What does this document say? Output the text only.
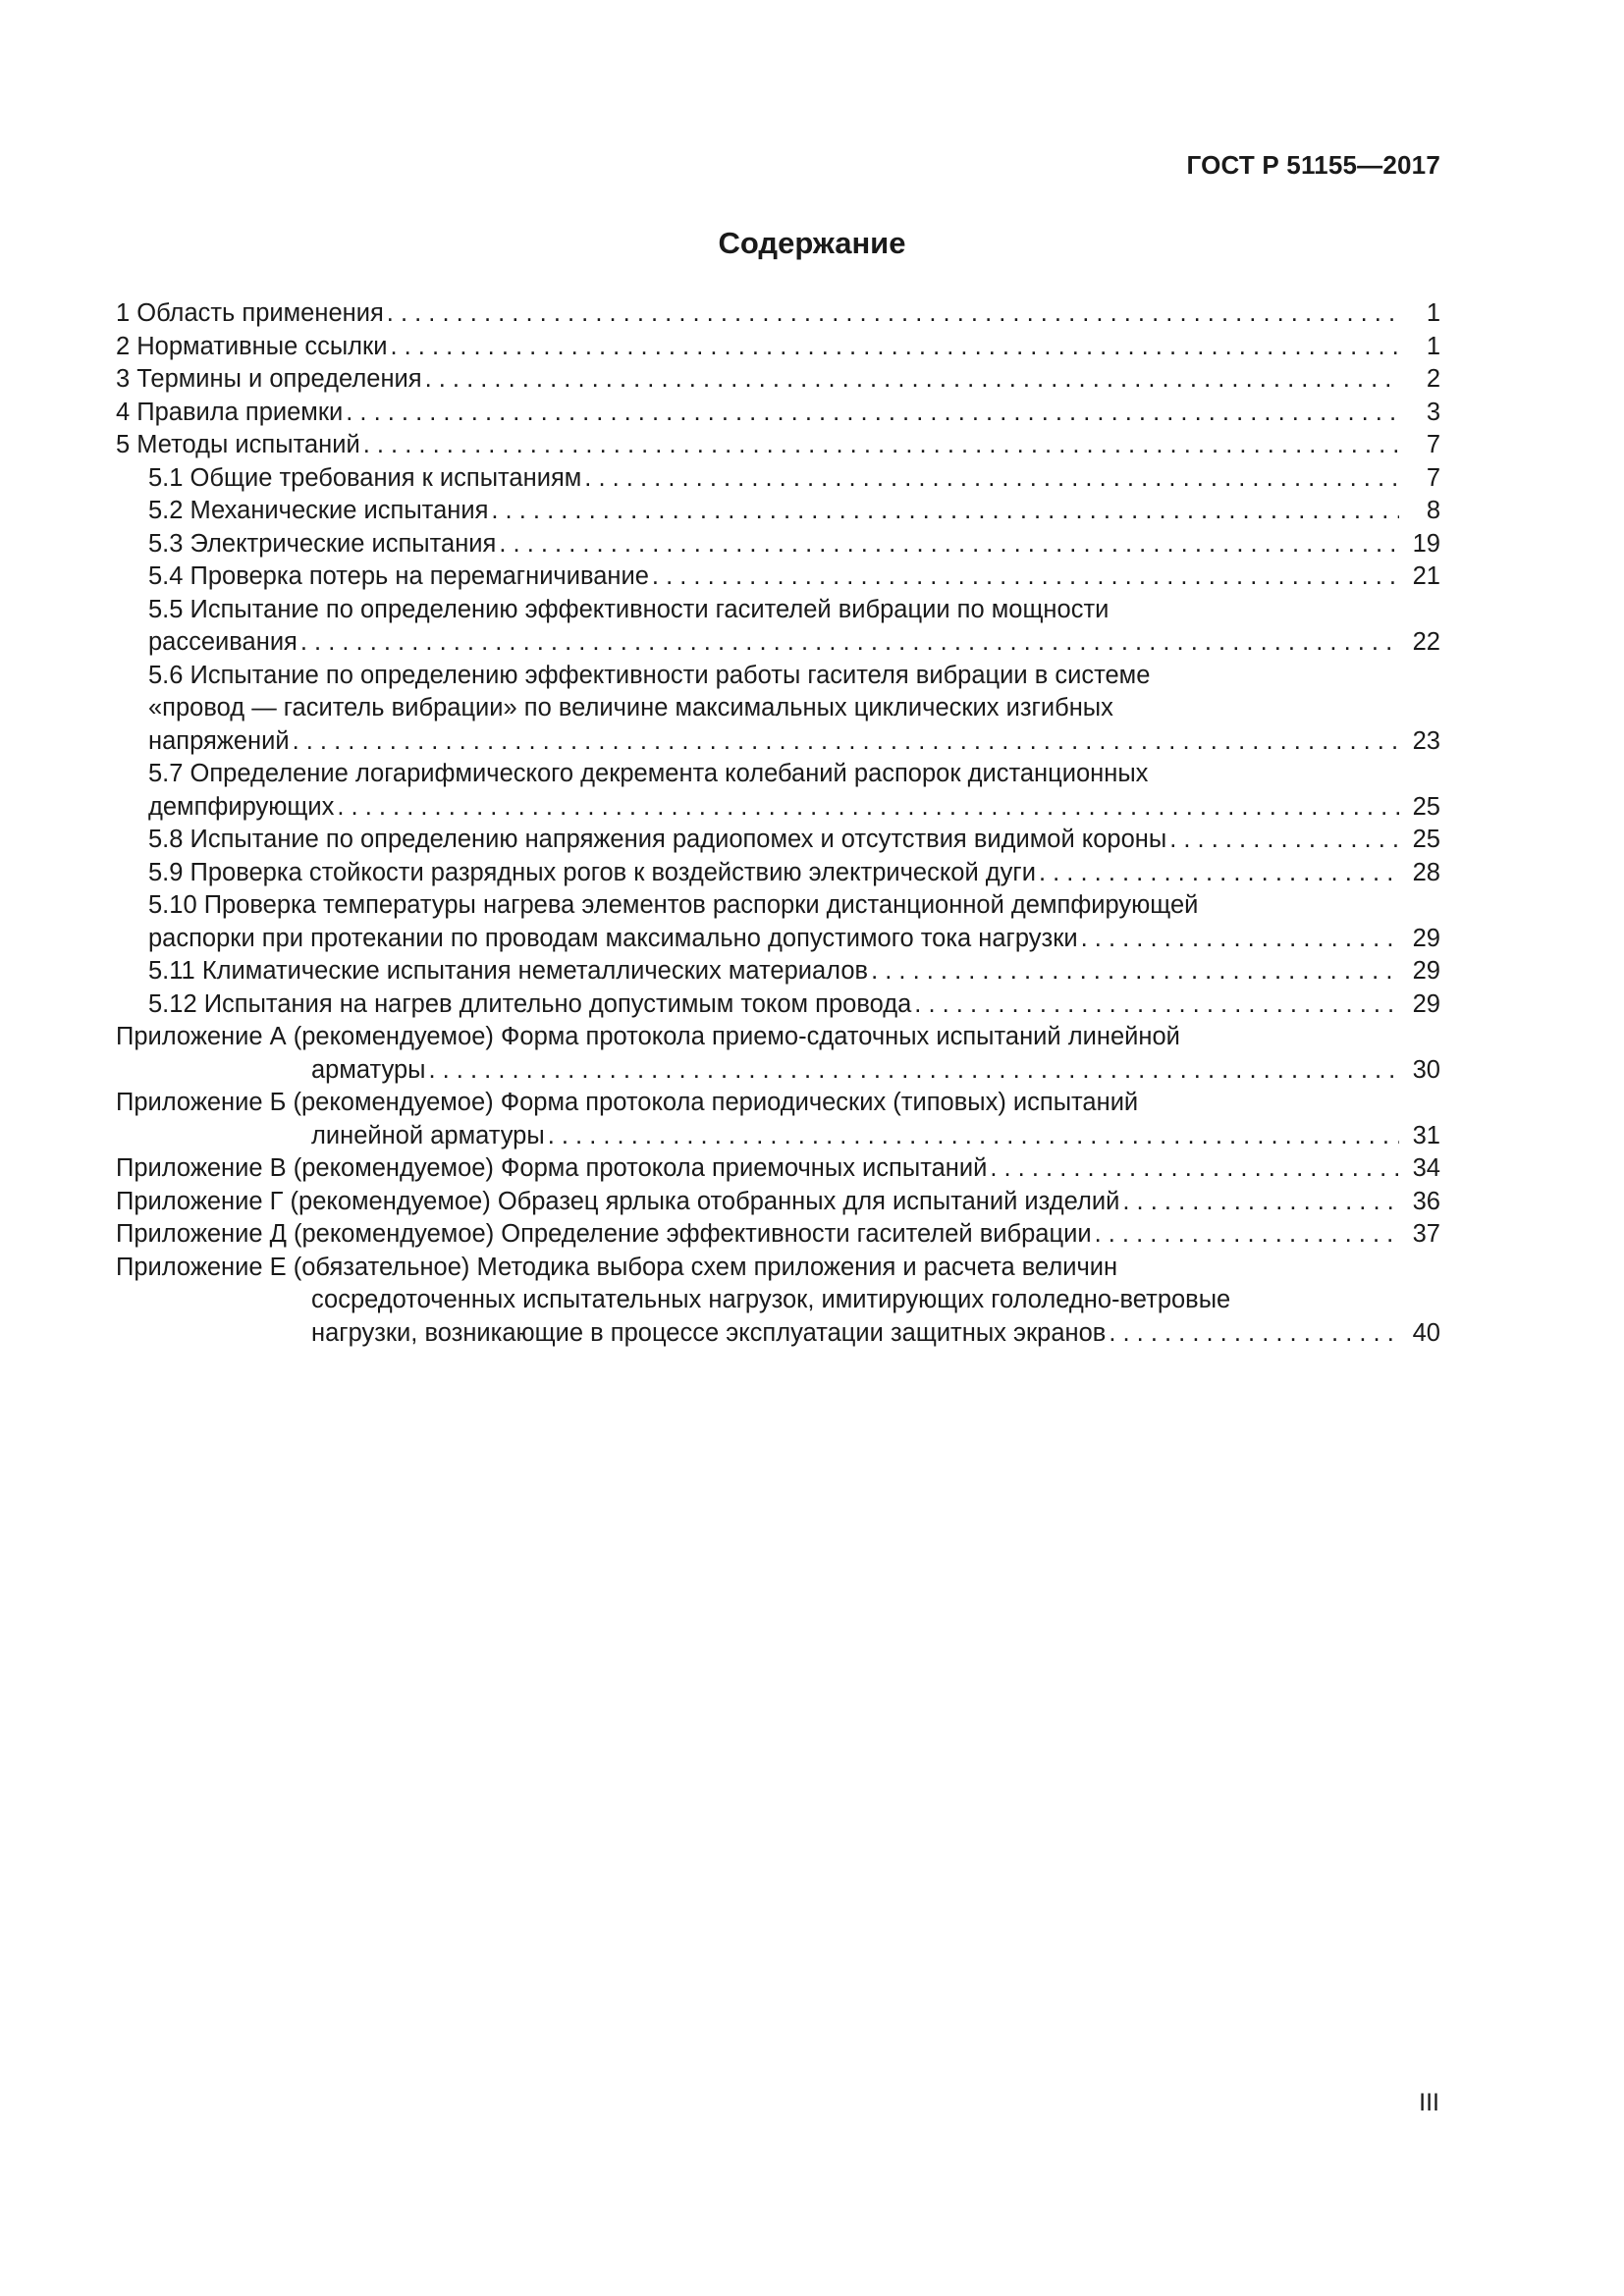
ГОСТ Р 51155—2017
Содержание
1 Область применения . . .	1
2 Нормативные ссылки . . .	1
3 Термины и определения . . .	2
4 Правила приемки . . .	3
5 Методы испытаний . . .	7
5.1 Общие требования к испытаниям . . .	7
5.2 Механические испытания . . .	8
5.3 Электрические испытания . . .	19
5.4 Проверка потерь на перемагничивание . . .	21
5.5 Испытание по определению эффективности гасителей вибрации по мощности
рассеивания . . .	22
5.6 Испытание по определению эффективности работы гасителя вибрации в системе
«провод — гаситель вибрации» по величине максимальных циклических изгибных
напряжений . . .	23
5.7 Определение логарифмического декремента колебаний распорок дистанционных
демпфирующих . . .	25
5.8 Испытание по определению напряжения радиопомех и отсутствия видимой короны . . .	25
5.9 Проверка стойкости разрядных рогов к воздействию электрической дуги . . .	28
5.10 Проверка температуры нагрева элементов распорки дистанционной демпфирующей
распорки при протекании по проводам максимально допустимого тока нагрузки . . .	29
5.11 Климатические испытания неметаллических материалов . . .	29
5.12 Испытания на нагрев длительно допустимым током провода . . .	29
Приложение А (рекомендуемое) Форма протокола приемо-сдаточных испытаний линейной
арматуры . . .	30
Приложение Б (рекомендуемое) Форма протокола периодических (типовых) испытаний
линейной арматуры . . .	31
Приложение В (рекомендуемое) Форма протокола приемочных испытаний . . .	34
Приложение Г (рекомендуемое) Образец ярлыка отобранных для испытаний изделий . . .	36
Приложение Д (рекомендуемое) Определение эффективности гасителей вибрации . . .	37
Приложение Е (обязательное) Методика выбора схем приложения и расчета величин
сосредоточенных испытательных нагрузок, имитирующих гололедно-ветровые
нагрузки, возникающие в процессе эксплуатации защитных экранов . . .	40
III
